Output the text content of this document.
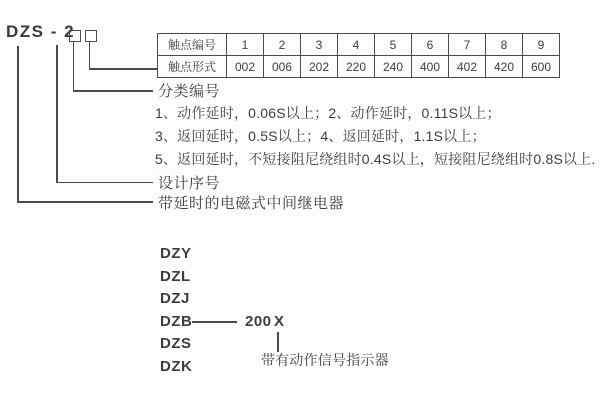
DZS - 2
触点编号	1	2	3	4	5	6	7	8	9
触点形式	002	006	202	220	240	400	402	420	600
分类编号
1、动作延时，0.06S以上；2、动作延时，0.11S以上；
3、返回延时，0.5S以上；4、返回延时，1.1S以上；
5、返回延时，不短接阻尼绕组时0.4S以上，短接阻尼绕组时0.8S以上.
设计序号
带延时的电磁式中间继电器
DZY
DZL
DZJ
DZB
DZS
DZK
200 X
带有动作信号指示器
